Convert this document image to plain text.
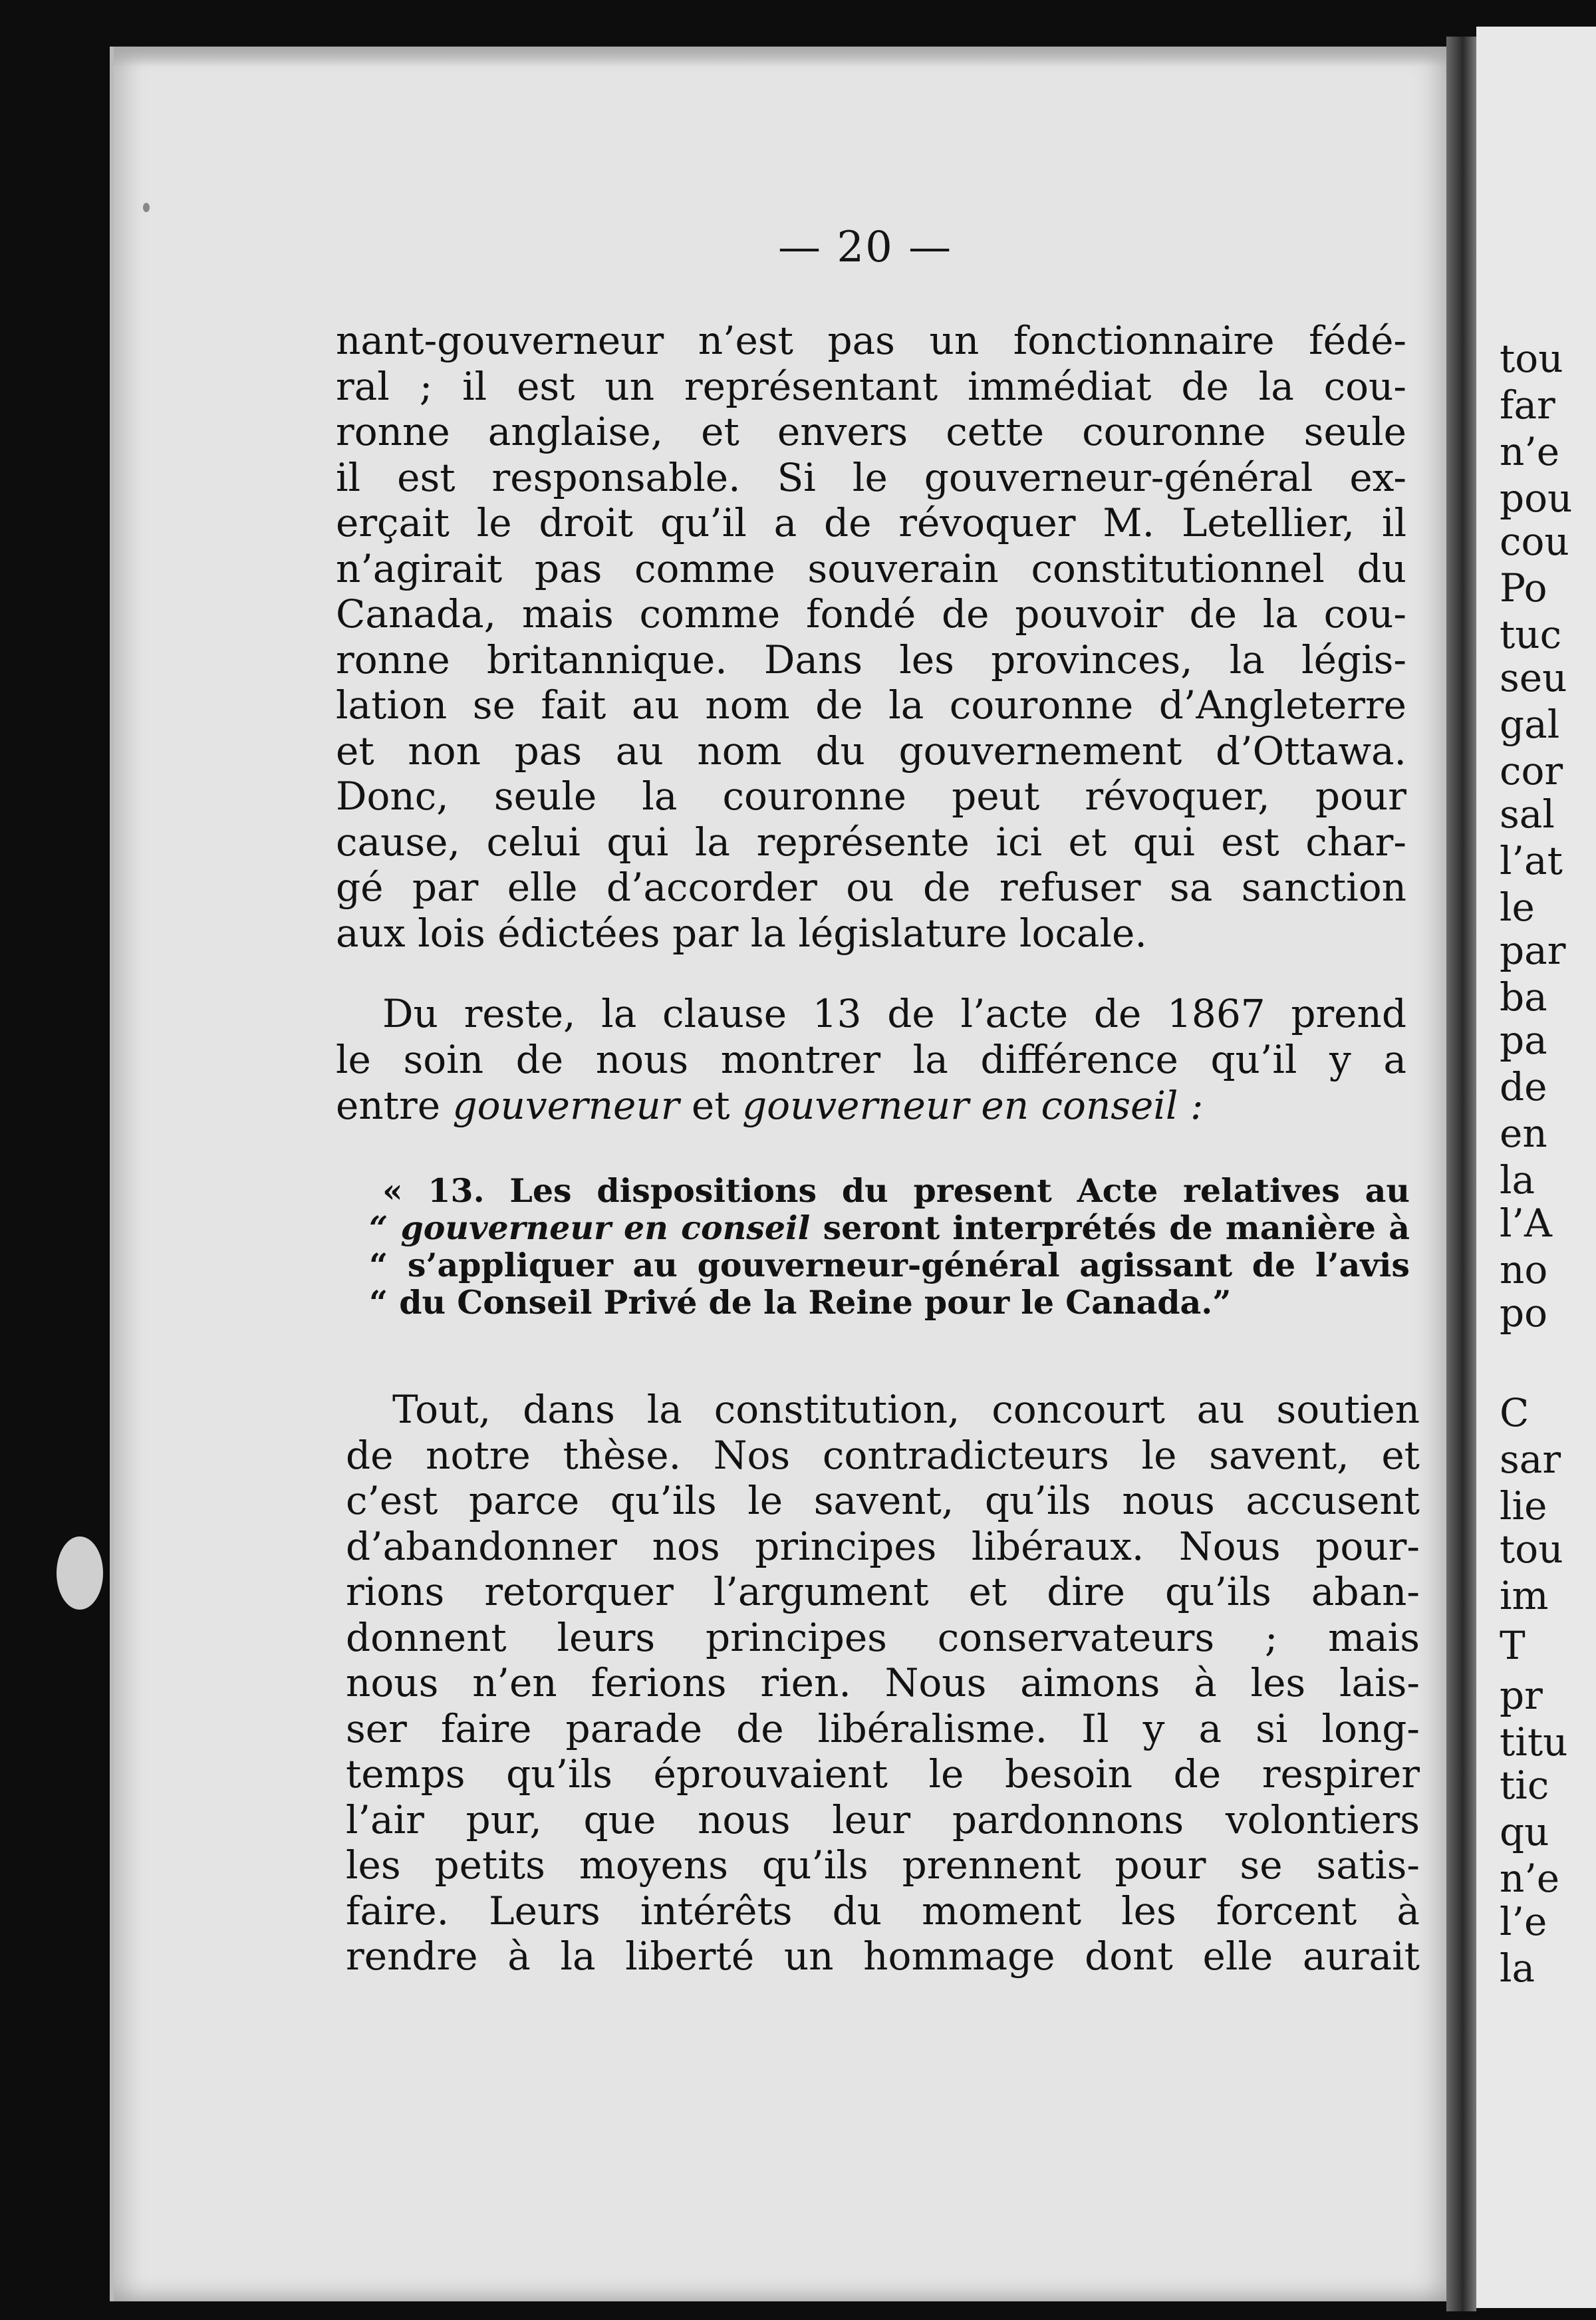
tou
far
n’e
pou
cou
Po
tuc
seu
gal
cor
sal
l’at
le
par
ba
pa
de
en
la
l’A
no
po
C
sar
lie
tou
im
T
pr
titu
tic
qu
n’e
l’e
la
— 20 —
nant-gouverneur n’est pas un fonctionnaire fédé-
ral ; il est un représentant immédiat de la cou-
ronne anglaise, et envers cette couronne seule
il est responsable. Si le gouverneur-général ex-
erçait le droit qu’il a de révoquer M. Letellier, il
n’agirait pas comme souverain constitutionnel du
Canada, mais comme fondé de pouvoir de la cou-
ronne britannique. Dans les provinces, la légis-
lation se fait au nom de la couronne d’Angleterre
et non pas au nom du gouvernement d’Ottawa.
Donc, seule la couronne peut révoquer, pour
cause, celui qui la représente ici et qui est char-
gé par elle d’accorder ou de refuser sa sanction
aux lois édictées par la législature locale.
Du reste, la clause 13 de l’acte de 1867 prend
le soin de nous montrer la différence qu’il y a
entre gouverneur et gouverneur en conseil :
« 13. Les dispositions du present Acte relatives au
“ gouverneur en conseil seront interprétés de manière à
“ s’appliquer au gouverneur-général agissant de l’avis
“ du Conseil Privé de la Reine pour le Canada.”
Tout, dans la constitution, concourt au soutien
de notre thèse. Nos contradicteurs le savent, et
c’est parce qu’ils le savent, qu’ils nous accusent
d’abandonner nos principes libéraux. Nous pour-
rions retorquer l’argument et dire qu’ils aban-
donnent leurs principes conservateurs ; mais
nous n’en ferions rien. Nous aimons à les lais-
ser faire parade de libéralisme. Il y a si long-
temps qu’ils éprouvaient le besoin de respirer
l’air pur, que nous leur pardonnons volontiers
les petits moyens qu’ils prennent pour se satis-
faire. Leurs intérêts du moment les forcent à
rendre à la liberté un hommage dont elle aurait
